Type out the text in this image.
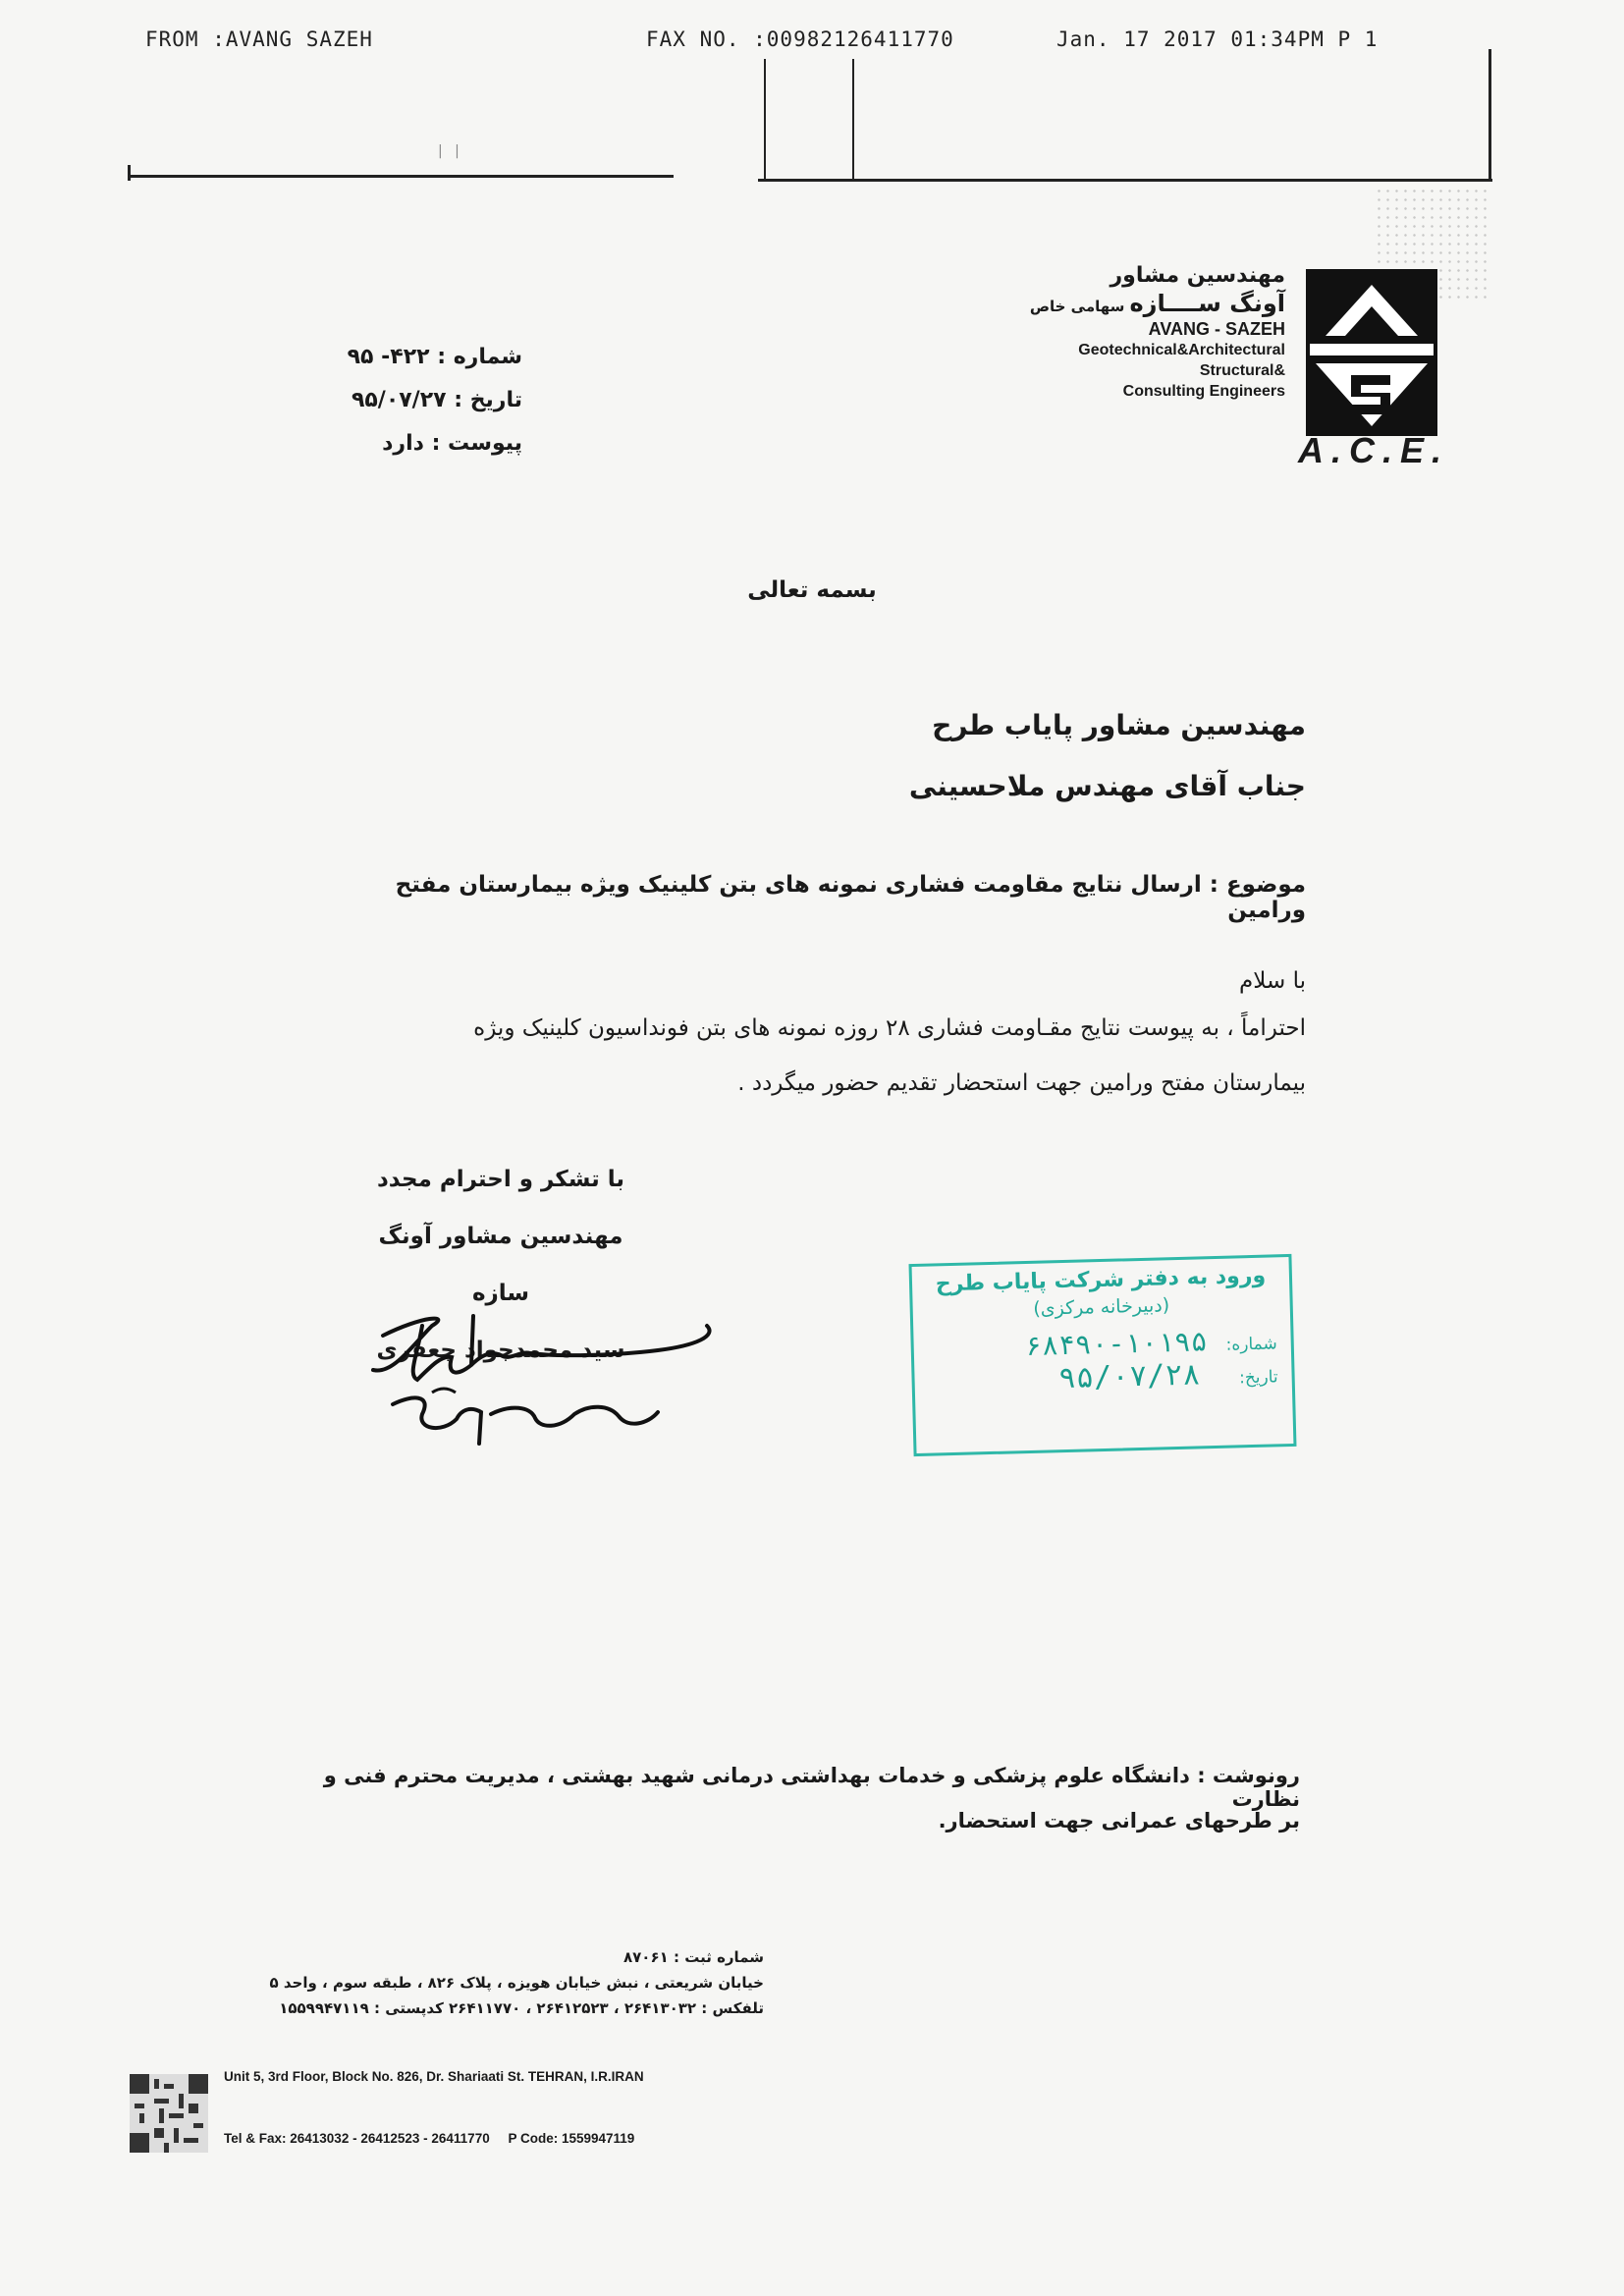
FROM :AVANG SAZEH	FAX NO. :00982126411770	Jan. 17 2017 01:34PM P 1
| |
مهندسین مشاور
آونگ ســــازه سهامی خاص
AVANG - SAZEH
Geotechnical&Architectural
&Structural
Consulting Engineers
A.C.E.
شماره : ۴۲۲- ۹۵
تاریخ : ۹۵/۰۷/۲۷
پیوست : دارد
بسمه تعالی
مهندسین مشاور پایاب طرح
جناب آقای مهندس ملاحسینی
موضوع : ارسال نتایج مقاومت فشاری نمونه های بتن کلینیک ویژه بیمارستان مفتح ورامین
با سلام
احتراماً ، به پیوست نتایج مقـاومت فشاری ۲۸ روزه نمونه های بتن فونداسیون کلینیک ویژه
بیمارستان مفتح ورامین جهت استحضار تقدیم حضور میگردد .
با تشکر و احترام مجدد
مهندسین مشاور آونگ سازه
سید محمدجواد جعفری
ورود به دفتر شرکت پایاب طرح
(دبیرخانه مرکزی)
شماره: ۱۰۱۹۵-۶۸۴۹۰
تاریخ: ۹۵/۰۷/۲۸
رونوشت : دانشگاه علوم پزشکی و خدمات بهداشتی درمانی شهید بهشتی ، مدیریت محترم فنی و نظارت
بر طرحهای عمرانی جهت استحضار.
شماره ثبت : ۸۷۰۶۱
خیابان شریعتی ، نبش خیابان هویزه ، پلاک ۸۲۶ ، طبقه سوم ، واحد ۵
تلفکس : ۲۶۴۱۳۰۳۲ ، ۲۶۴۱۲۵۲۳ ، ۲۶۴۱۱۷۷۰ کدپستی : ۱۵۵۹۹۴۷۱۱۹

Unit 5, 3rd Floor, Block No. 826, Dr. Shariaati St. TEHRAN, I.R.IRAN

Tel & Fax: 26413032 - 26412523 - 26411770     P Code: 1559947119
